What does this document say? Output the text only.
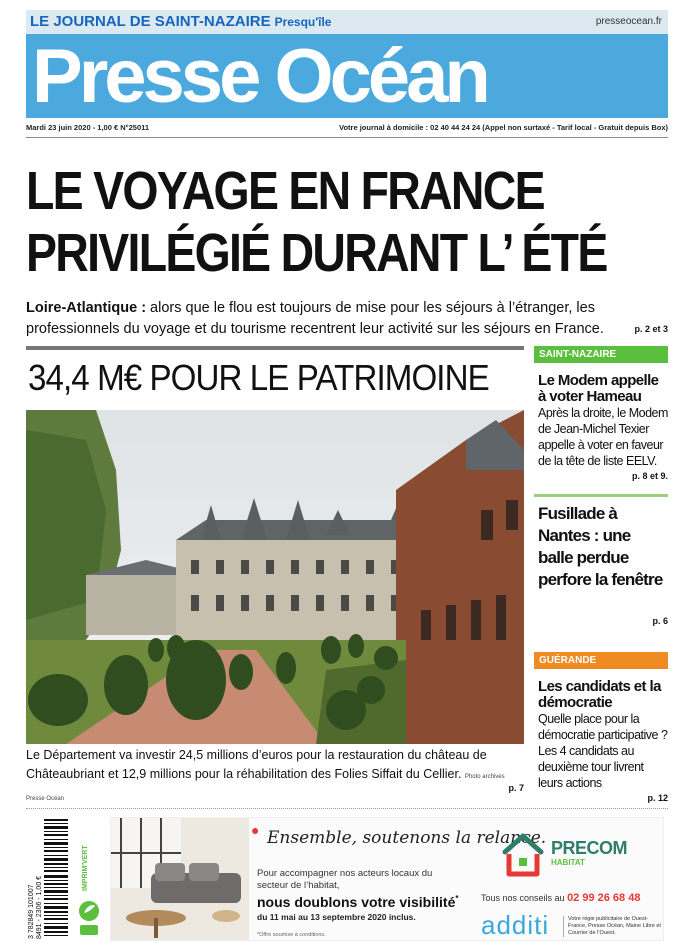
LE JOURNAL DE SAINT-NAZAIRE Presqu'île	presseocean.fr
Presse Océan
Mardi 23 juin 2020 - 1,00 € N°25011	Votre journal à domicile : 02 40 44 24 24 (Appel non surtaxé - Tarif local - Gratuit depuis Box)
LE VOYAGE EN FRANCE
PRIVILÉGIÉ DURANT L’ ÉTÉ
Loire-Atlantique : alors que le flou est toujours de mise pour les séjours à l’étranger, les professionnels du voyage et du tourisme recentrent leur activité sur les séjours en France.	p. 2 et 3
34,4 M€ POUR LE PATRIMOINE
Le Département va investir 24,5 millions d’euros pour la restauration du château de Châteaubriant et 12,9 millions pour la réhabilitation des Folies Siffait du Cellier. Photo archives Presse Océan
p. 7
SAINT-NAZAIRE
Le Modem appelle à voter Hameau
Après la droite, le Modem de Jean-Michel Texier appelle à voter en faveur de la tête de liste EELV.
p. 8 et 9.
Fusillade à Nantes : une balle perdue perfore la fenêtre
p. 6
GUÉRANDE
Les candidats et la démocratie
Quelle place pour la démocratie participative ? Les 4 candidats au deuxième tour livrent leurs actions
p. 12
3 782849 101007 8491 - 2306 - 1,00 €
IMPRIM'VERT
● Ensemble, soutenons la relance.
Pour accompagner nos acteurs locaux du secteur de l’habitat,
nous doublons votre visibilité*
du 11 mai au 13 septembre 2020 inclus.
*Offre soumise à conditions.
PRECOM
HABITAT
Tous nos conseils au 02 99 26 68 48
additi	Votre régie publicitaire de Ouest-France, Presse Océan, Maine Libre et Courrier de l’Ouest.
